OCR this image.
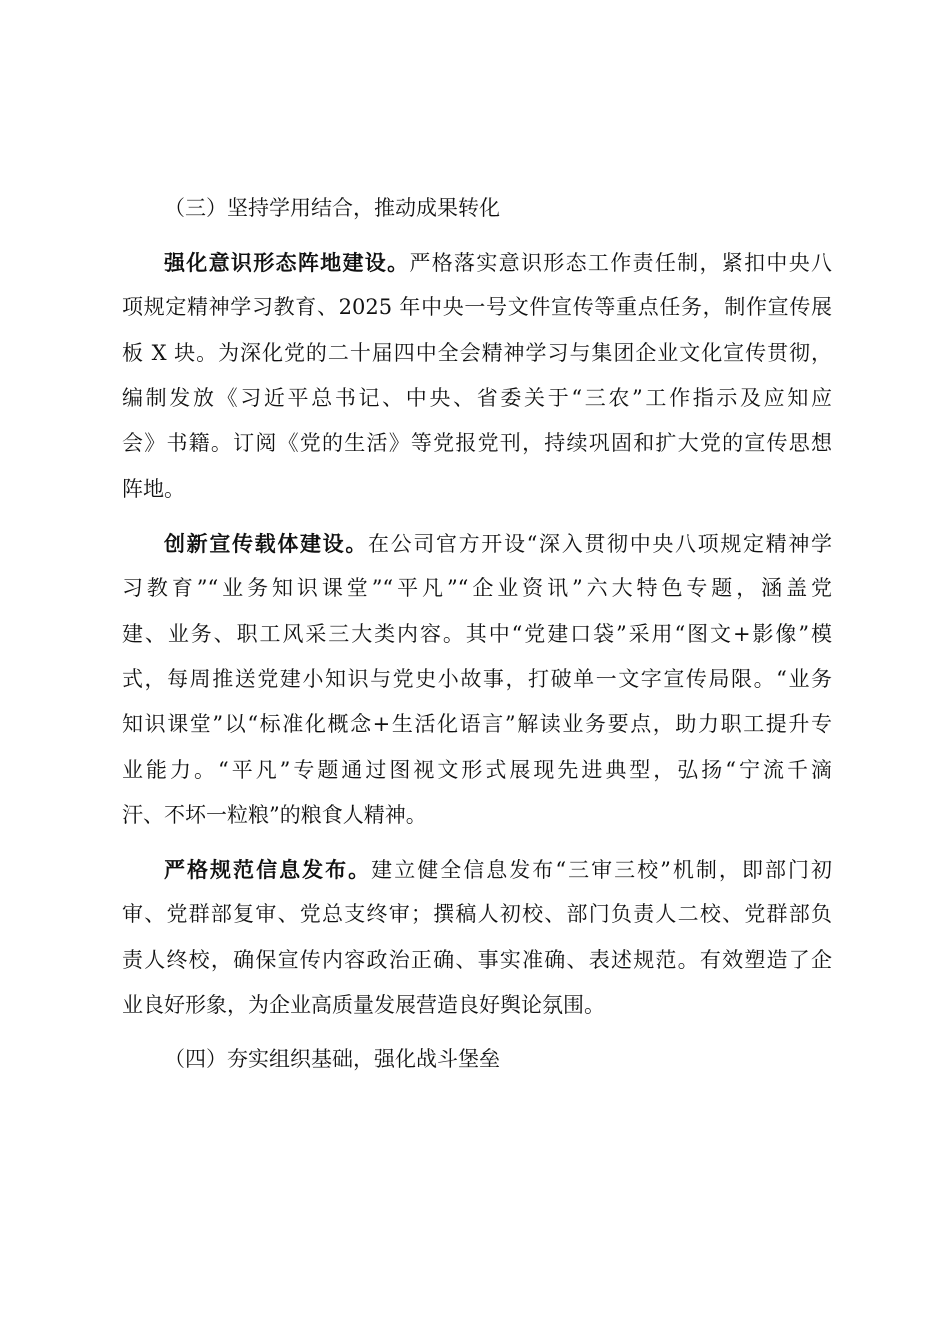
（三）坚持学用结合，推动成果转化
强化意识形态阵地建设。严格落实意识形态工作责任制，紧扣中央八
项规定精神学习教育、2025 年中央一号文件宣传等重点任务，制作宣传展
板 X 块。为深化党的二十届四中全会精神学习与集团企业文化宣传贯彻，
编制发放《习近平总书记、中央、省委关于“三农”工作指示及应知应
会》书籍。订阅《党的生活》等党报党刊，持续巩固和扩大党的宣传思想
阵地。
创新宣传载体建设。在公司官方开设“深入贯彻中央八项规定精神学
习教育”“业务知识课堂”“平凡”“企业资讯”六大特色专题，涵盖党
建、业务、职工风采三大类内容。其中“党建口袋”采用“图文+影像”模
式，每周推送党建小知识与党史小故事，打破单一文字宣传局限。“业务
知识课堂”以“标准化概念+生活化语言”解读业务要点，助力职工提升专
业能力。“平凡”专题通过图视文形式展现先进典型，弘扬“宁流千滴
汗、不坏一粒粮”的粮食人精神。
严格规范信息发布。建立健全信息发布“三审三校”机制，即部门初
审、党群部复审、党总支终审；撰稿人初校、部门负责人二校、党群部负
责人终校，确保宣传内容政治正确、事实准确、表述规范。有效塑造了企
业良好形象，为企业高质量发展营造良好舆论氛围。
（四）夯实组织基础，强化战斗堡垒
